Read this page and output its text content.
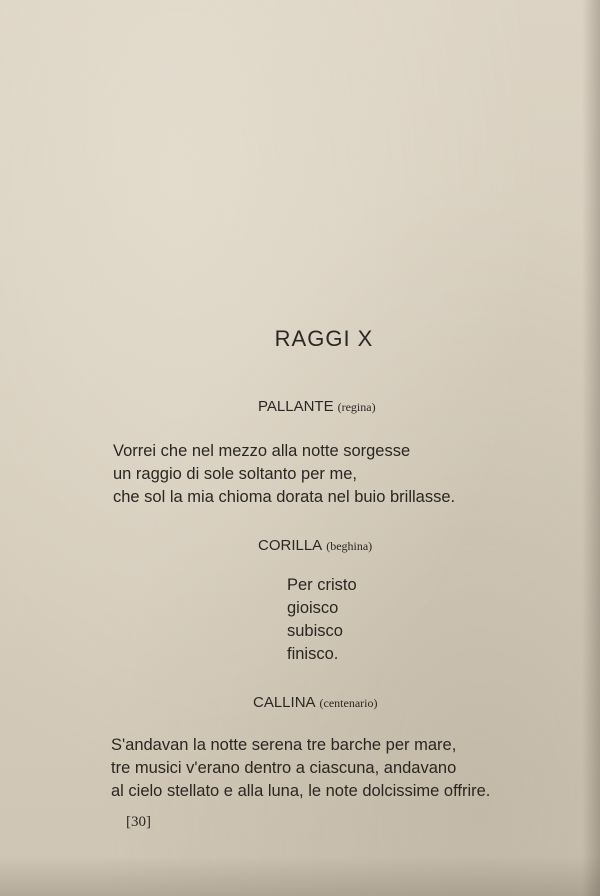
RAGGI X
PALLANTE (regina)
Vorrei che nel mezzo alla notte sorgesse
un raggio di sole soltanto per me,
che sol la mia chioma dorata nel buio brillasse.
CORILLA (beghina)
Per cristo
gioisco
subisco
finisco.
CALLINA (centenario)
S'andavan la notte serena tre barche per mare,
tre musici v'erano dentro a ciascuna, andavano
al cielo stellato e alla luna, le note dolcissime offrire.
[30]
